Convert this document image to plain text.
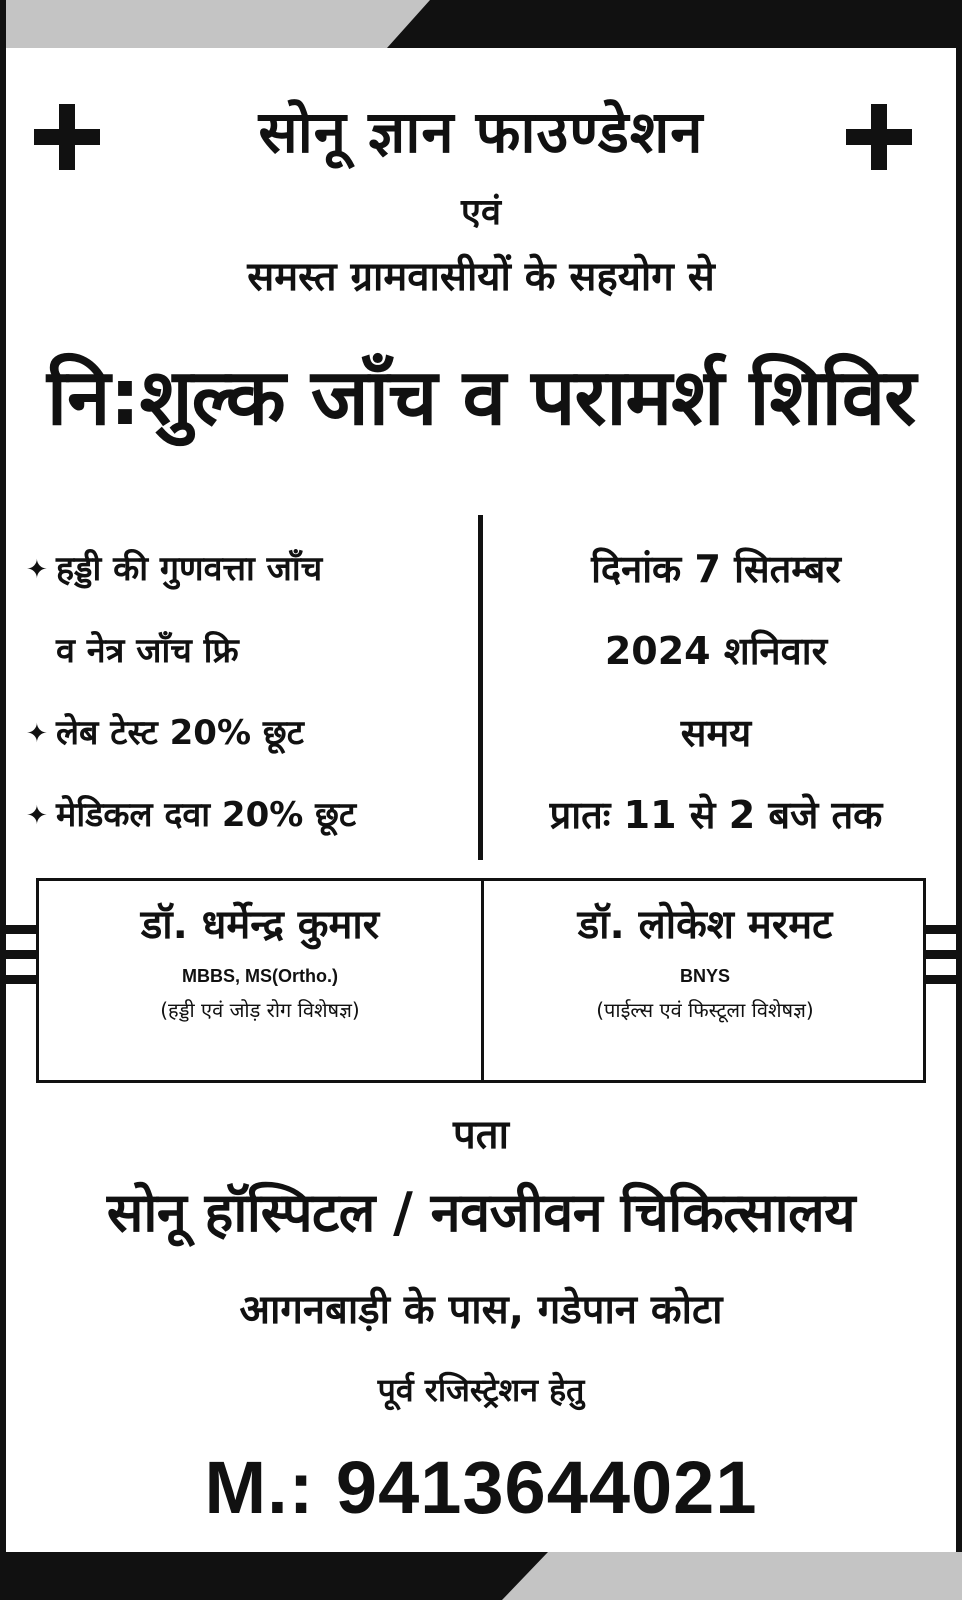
सोनू ज्ञान फाउण्डेशन
एवं
समस्त ग्रामवासीयों के सहयोग से
नि:शुल्क जाँच व परामर्श शिविर
✦ हड्डी की गुणवत्ता जाँच
व नेत्र जाँच फ्रि
✦ लेब टेस्ट 20% छूट
✦ मेडिकल दवा 20% छूट
दिनांक 7 सितम्बर
2024 शनिवार
समय
प्रातः 11 से 2 बजे तक
डॉ. धर्मेन्द्र कुमार
MBBS, MS(Ortho.)
(हड्डी एवं जोड़ रोग विशेषज्ञ)
डॉ. लोकेश मरमट
BNYS
(पाईल्स एवं फिस्टूला विशेषज्ञ)
पता
सोनू हॉस्पिटल / नवजीवन चिकित्सालय
आगनबाड़ी के पास, गडेपान कोटा
पूर्व रजिस्ट्रेशन हेतु
M.: 9413644021
